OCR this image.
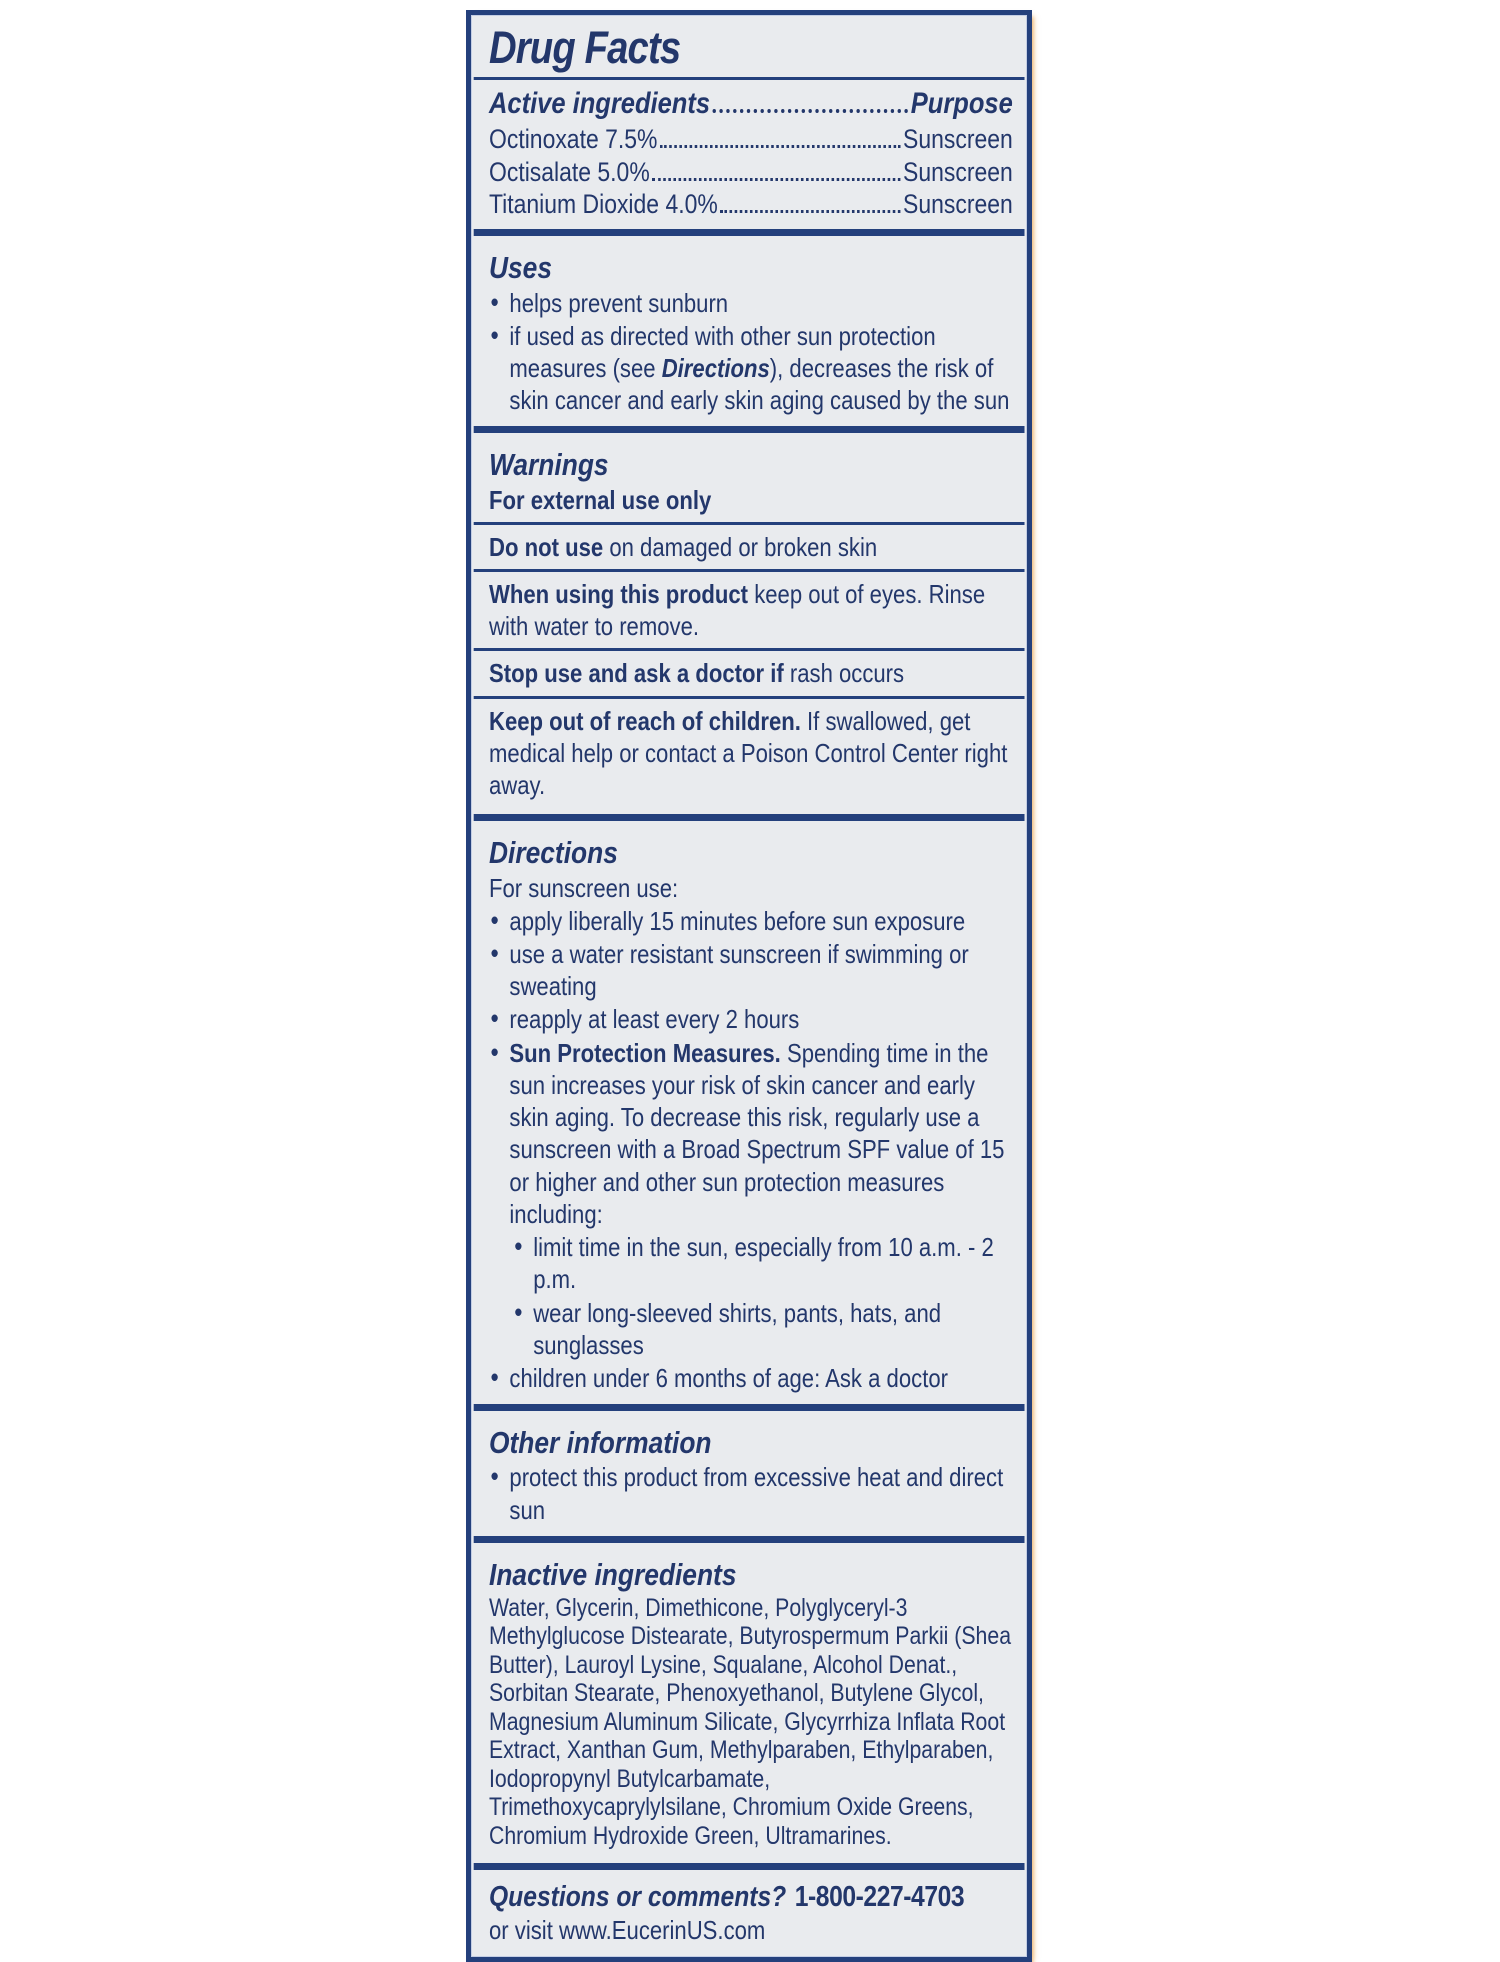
Drug Facts
Active ingredients	Purpose
Octinoxate 7.5%	Sunscreen
Octisalate 5.0%	Sunscreen
Titanium Dioxide 4.0%	Sunscreen
Uses
• helps prevent sunburn
• if used as directed with other sun protection measures (see Directions), decreases the risk of skin cancer and early skin aging caused by the sun
Warnings

For external use only

Do not use on damaged or broken skin

When using this product keep out of eyes. Rinse with water to remove.

Stop use and ask a doctor if rash occurs

Keep out of reach of children. If swallowed, get medical help or contact a Poison Control Center right away.

Directions

For sunscreen use:

• apply liberally 15 minutes before sun exposure
• use a water resistant sunscreen if swimming or sweating
• reapply at least every 2 hours
• Sun Protection Measures. Spending time in the sun increases your risk of skin cancer and early skin aging. To decrease this risk, regularly use a sunscreen with a Broad Spectrum SPF value of 15 or higher and other sun protection measures including:
• limit time in the sun, especially from 10 a.m. - 2 p.m.
• wear long-sleeved shirts, pants, hats, and sunglasses
• children under 6 months of age: Ask a doctor
Other information
• protect this product from excessive heat and direct sun
Inactive ingredients

Water, Glycerin, Dimethicone, Polyglyceryl-3 Methylglucose Distearate, Butyrospermum Parkii (Shea Butter), Lauroyl Lysine, Squalane, Alcohol Denat., Sorbitan Stearate, Phenoxyethanol, Butylene Glycol, Magnesium Aluminum Silicate, Glycyrrhiza Inflata Root Extract, Xanthan Gum, Methylparaben, Ethylparaben, Iodopropynyl Butylcarbamate, Trimethoxycaprylylsilane, Chromium Oxide Greens, Chromium Hydroxide Green, Ultramarines.

Questions or comments? 1-800-227-4703

or visit www.EucerinUS.com
